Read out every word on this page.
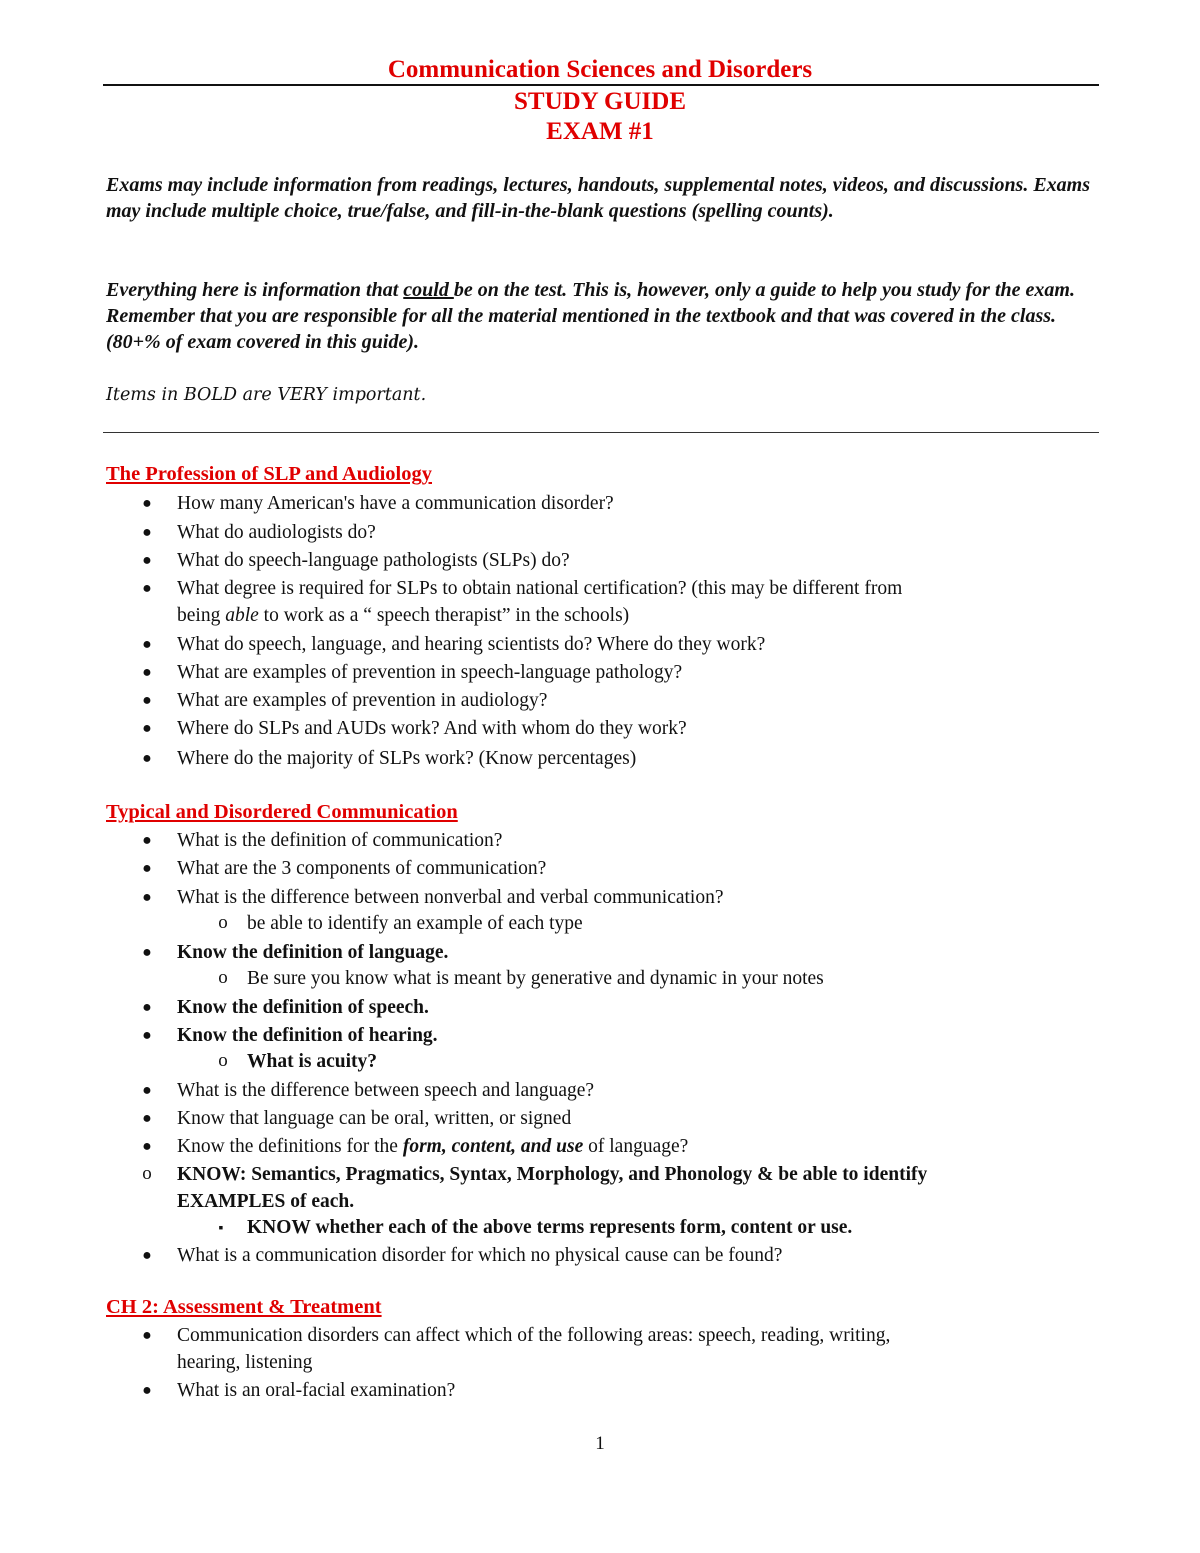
Communication Sciences and Disorders
STUDY GUIDE
EXAM #1
Exams may include information from readings, lectures, handouts, supplemental notes, videos, and discussions. Exams may include multiple choice, true/false, and fill-in-the-blank questions (spelling counts).
Everything here is information that could be on the test. This is, however, only a guide to help you study for the exam. Remember that you are responsible for all the material mentioned in the textbook and that was covered in the class. (80+% of exam covered in this guide).
Items in BOLD are VERY important.
The Profession of SLP and Audiology
● How many American's have a communication disorder?
● What do audiologists do?
● What do speech-language pathologists (SLPs) do?
● What degree is required for SLPs to obtain national certification? (this may be different from
being able to work as a “ speech therapist” in the schools)
● What do speech, language, and hearing scientists do? Where do they work?
● What are examples of prevention in speech-language pathology?
● What are examples of prevention in audiology?
● Where do SLPs and AUDs work? And with whom do they work?
● Where do the majority of SLPs work? (Know percentages)
Typical and Disordered Communication
● What is the definition of communication?
● What are the 3 components of communication?
● What is the difference between nonverbal and verbal communication?
o be able to identify an example of each type
● Know the definition of language.
o Be sure you know what is meant by generative and dynamic in your notes
● Know the definition of speech.
● Know the definition of hearing.
o What is acuity?
● What is the difference between speech and language?
● Know that language can be oral, written, or signed
● Know the definitions for the form, content, and use of language?
o KNOW: Semantics, Pragmatics, Syntax, Morphology, and Phonology & be able to identify
EXAMPLES of each.
▪ KNOW whether each of the above terms represents form, content or use.
● What is a communication disorder for which no physical cause can be found?
CH 2: Assessment & Treatment
● Communication disorders can affect which of the following areas: speech, reading, writing,
hearing, listening
● What is an oral-facial examination?
1
